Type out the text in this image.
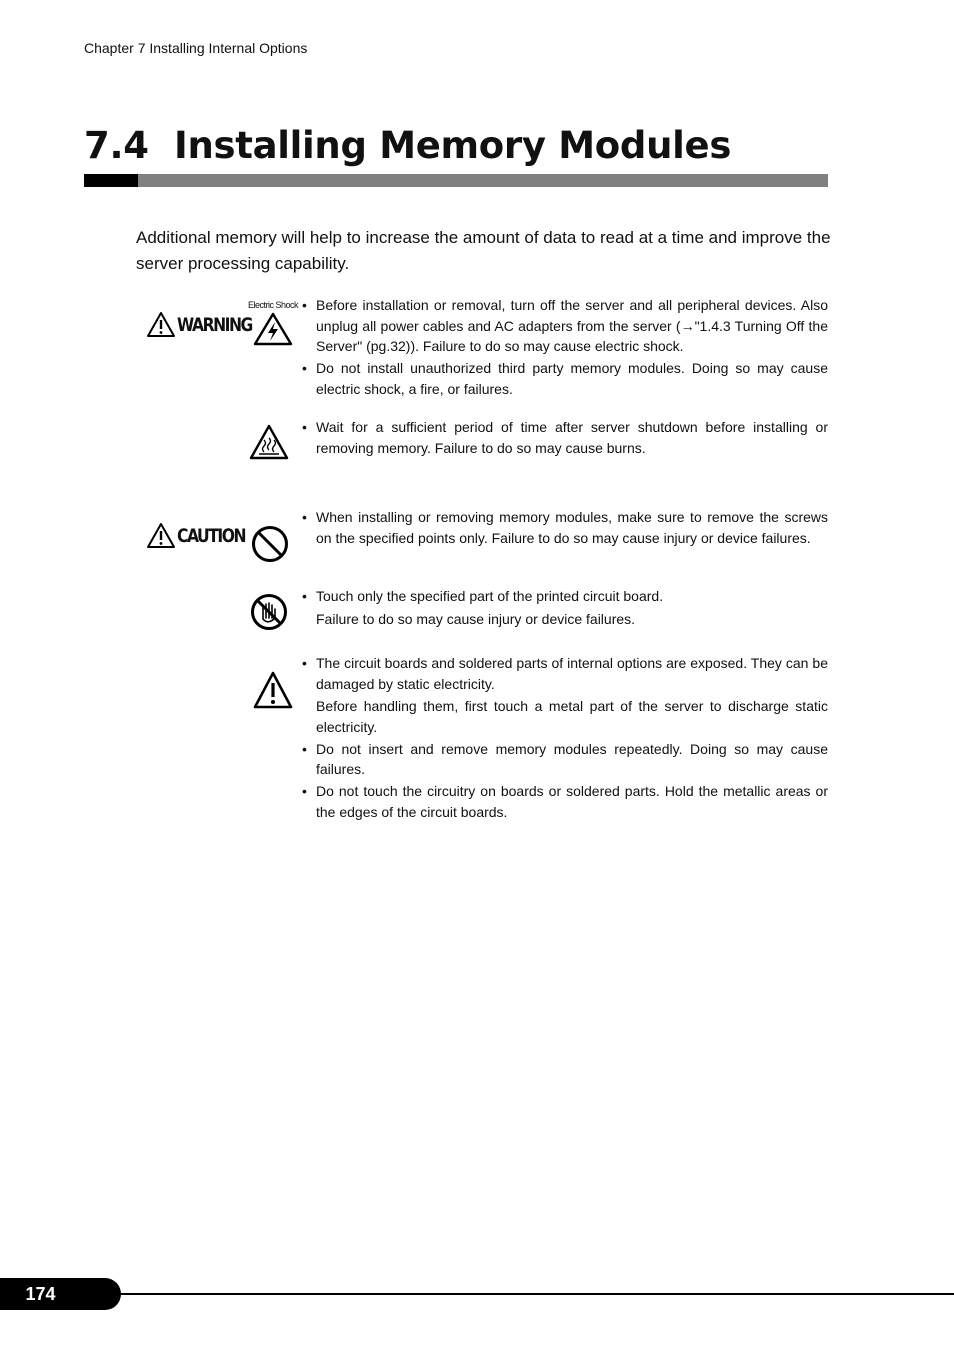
Chapter 7 Installing Internal Options
7.4 Installing Memory Modules

Additional memory will help to increase the amount of data to read at a time and improve the server processing capability.

WARNING
Electric Shock
•	Before installation or removal, turn off the server and all peripheral devices. Also unplug all power cables and AC adapters from the server (→"1.4.3 Turning Off the Server" (pg.32)). Failure to do so may cause electric shock.
• Do not install unauthorized third party memory modules. Doing so may cause electric shock, a fire, or failures.
• Wait for a sufficient period of time after server shutdown before installing or removing memory. Failure to do so may cause burns.
CAUTION
• When installing or removing memory modules, make sure to remove the screws on the specified points only. Failure to do so may cause injury or device failures.
• Touch only the specified part of the printed circuit board.
Failure to do so may cause injury or device failures.
• The circuit boards and soldered parts of internal options are exposed. They can be damaged by static electricity.
Before handling them, first touch a metal part of the server to discharge static electricity.
• Do not insert and remove memory modules repeatedly. Doing so may cause failures.
• Do not touch the circuitry on boards or soldered parts. Hold the metallic areas or the edges of the circuit boards.
174
